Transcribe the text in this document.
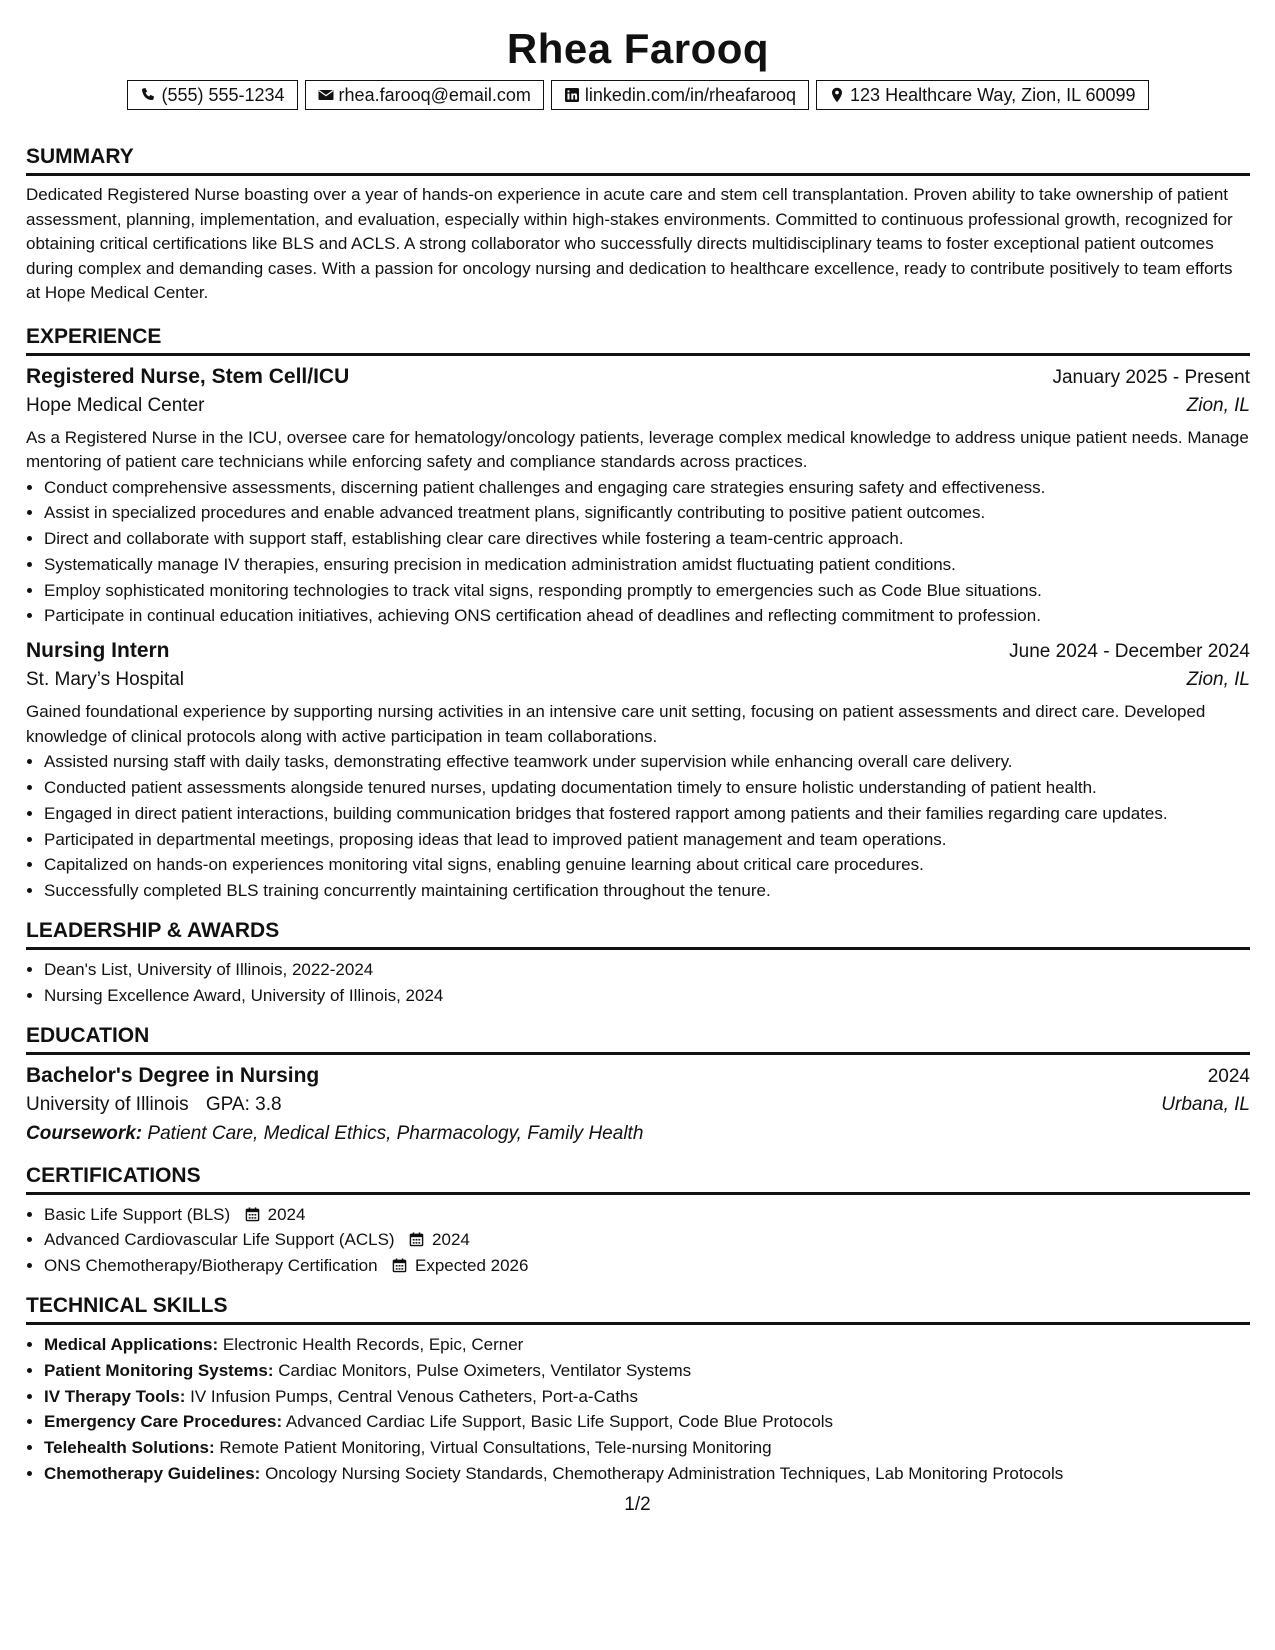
Rhea Farooq
(555) 555-1234	rhea.farooq@email.com	linkedin.com/in/rheafarooq	123 Healthcare Way, Zion, IL 60099
SUMMARY

Dedicated Registered Nurse boasting over a year of hands-on experience in acute care and stem cell transplantation. Proven ability to take ownership of patient assessment, planning, implementation, and evaluation, especially within high-stakes environments. Committed to continuous professional growth, recognized for obtaining critical certifications like BLS and ACLS. A strong collaborator who successfully directs multidisciplinary teams to foster exceptional patient outcomes during complex and demanding cases. With a passion for oncology nursing and dedication to healthcare excellence, ready to contribute positively to team efforts at Hope Medical Center.

EXPERIENCE
Registered Nurse, Stem Cell/ICU	January 2025 - Present
Hope Medical Center	Zion, IL

As a Registered Nurse in the ICU, oversee care for hematology/oncology patients, leverage complex medical knowledge to address unique patient needs. Manage mentoring of patient care technicians while enforcing safety and compliance standards across practices.

• Conduct comprehensive assessments, discerning patient challenges and engaging care strategies ensuring safety and effectiveness.
• Assist in specialized procedures and enable advanced treatment plans, significantly contributing to positive patient outcomes.
• Direct and collaborate with support staff, establishing clear care directives while fostering a team-centric approach.
• Systematically manage IV therapies, ensuring precision in medication administration amidst fluctuating patient conditions.
• Employ sophisticated monitoring technologies to track vital signs, responding promptly to emergencies such as Code Blue situations.
• Participate in continual education initiatives, achieving ONS certification ahead of deadlines and reflecting commitment to profession.
Nursing Intern	June 2024 - December 2024
St. Mary’s Hospital	Zion, IL

Gained foundational experience by supporting nursing activities in an intensive care unit setting, focusing on patient assessments and direct care. Developed knowledge of clinical protocols along with active participation in team collaborations.

• Assisted nursing staff with daily tasks, demonstrating effective teamwork under supervision while enhancing overall care delivery.
• Conducted patient assessments alongside tenured nurses, updating documentation timely to ensure holistic understanding of patient health.
• Engaged in direct patient interactions, building communication bridges that fostered rapport among patients and their families regarding care updates.
• Participated in departmental meetings, proposing ideas that lead to improved patient management and team operations.
• Capitalized on hands-on experiences monitoring vital signs, enabling genuine learning about critical care procedures.
• Successfully completed BLS training concurrently maintaining certification throughout the tenure.
LEADERSHIP & AWARDS
• Dean's List, University of Illinois, 2022-2024
• Nursing Excellence Award, University of Illinois, 2024
EDUCATION
Bachelor's Degree in Nursing	2024
University of Illinois GPA: 3.8	Urbana, IL
Coursework: Patient Care, Medical Ethics, Pharmacology, Family Health
CERTIFICATIONS
• Basic Life Support (BLS) 2024
• Advanced Cardiovascular Life Support (ACLS) 2024
• ONS Chemotherapy/Biotherapy Certification Expected 2026
TECHNICAL SKILLS
• Medical Applications: Electronic Health Records, Epic, Cerner
• Patient Monitoring Systems: Cardiac Monitors, Pulse Oximeters, Ventilator Systems
• IV Therapy Tools: IV Infusion Pumps, Central Venous Catheters, Port-a-Caths
• Emergency Care Procedures: Advanced Cardiac Life Support, Basic Life Support, Code Blue Protocols
• Telehealth Solutions: Remote Patient Monitoring, Virtual Consultations, Tele-nursing Monitoring
• Chemotherapy Guidelines: Oncology Nursing Society Standards, Chemotherapy Administration Techniques, Lab Monitoring Protocols
1/2
